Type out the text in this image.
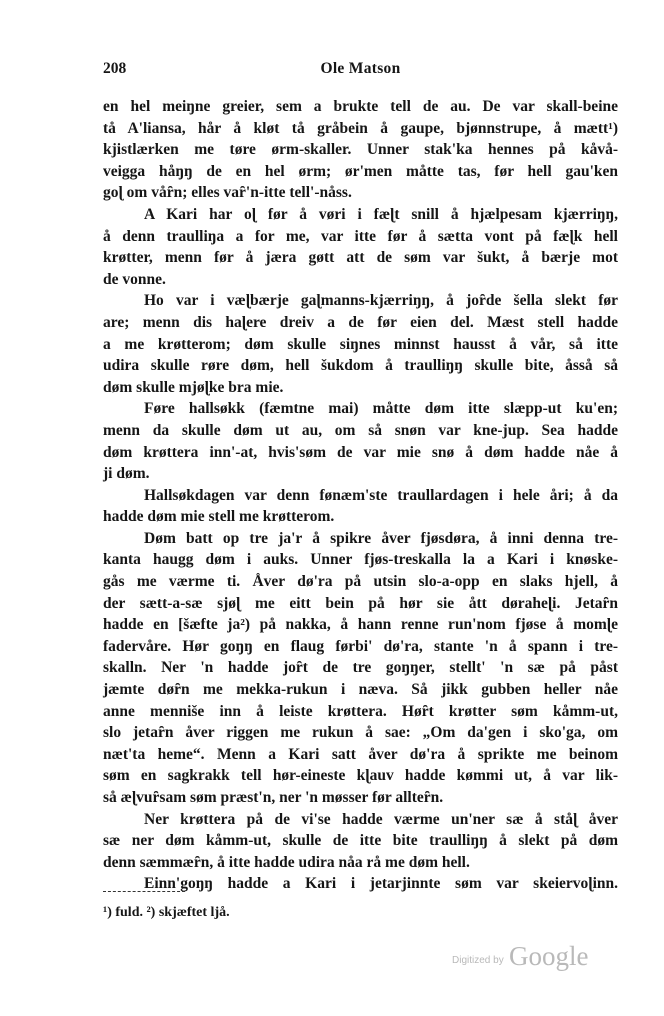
208	Ole Matson
en hel meiŋne greier, sem a brukte tell de au. De var skall-beine
tå A'liansa, hår å kløt tå gråbein å gaupe, bjønnstrupe, å mætt¹)
kjistlærken me tøre ørm-skaller. Unner stak'ka hennes på kåvå-
veigga håŋŋ de en hel ørm; ør'men måtte tas, før hell gau'ken
goɭ om våȓn; elles vaȓ'n-itte tell'-nåss.
A Kari har oɭ før å vøri i fæɭt snill å hjælpesam kjærriŋŋ,
å denn traulliŋa a for me, var itte før å sætta vont på fæɭk hell
krøtter, menn før å jæra gøtt att de søm var šukt, å bærje mot
de vonne.
Ho var i væɭbærje gaɭmanns-kjærriŋŋ, å joȓde šella slekt før
are; menn dis haɭere dreiv a de før eien del. Mæst stell hadde
a me krøtterom; døm skulle siŋnes minnst hausst å vår, så itte
udira skulle røre døm, hell šukdom å traulliŋŋ skulle bite, åsså så
døm skulle mjøɭke bra mie.
Føre hallsøkk (fæmtne mai) måtte døm itte slæpp-ut ku'en;
menn da skulle døm ut au, om så snøn var kne-jup. Sea hadde
døm krøttera inn'-at, hvis'søm de var mie snø å døm hadde nåe å
ji døm.
Hallsøkdagen var denn fønæm'ste traullardagen i hele åri; å da
hadde døm mie stell me krøtterom.
Døm batt op tre ja'r å spikre åver fjøsdøra, å inni denna tre-
kanta haugg døm i auks. Unner fjøs-treskalla la a Kari i knøske-
gås me værme ti. Åver dø'ra på utsin slo-a-opp en slaks hjell, å
der sætt-a-sæ sjøɭ me eitt bein på hør sie ått døraheɭi. Jetaȓn
hadde en [šæfte ja²) på nakka, å hann renne run'nom fjøse å momɭe
fadervåre. Hør goŋŋ en flaug førbi' dø'ra, stante 'n å spann i tre-
skalln. Ner 'n hadde joȓt de tre goŋŋer, stellt' 'n sæ på påst
jæmte døȓn me mekka-rukun i næva. Så jikk gubben heller nåe
anne menniše inn å leiste krøttera. Høȓt krøtter søm kåmm-ut,
slo jetaȓn åver riggen me rukun å sae: „Om da'gen i sko'ga, om
næt'ta heme“. Menn a Kari satt åver dø'ra å sprikte me beinom
søm en sagkrakk tell hør-eineste kɭauv hadde kømmi ut, å var lik-
så æɭvuȓsam søm præst'n, ner 'n møsser før allteȓn.
Ner krøttera på de vi'se hadde værme un'ner sæ å ståɭ åver
sæ ner døm kåmm-ut, skulle de itte bite traulliŋŋ å slekt på døm
denn sæmmæȓn, å itte hadde udira nåa rå me døm hell.
Einn'goŋŋ hadde a Kari i jetarjinnte søm var skeiervoɭinn.
¹) fuld. ²) skjæftet ljå.
Digitized by Google
